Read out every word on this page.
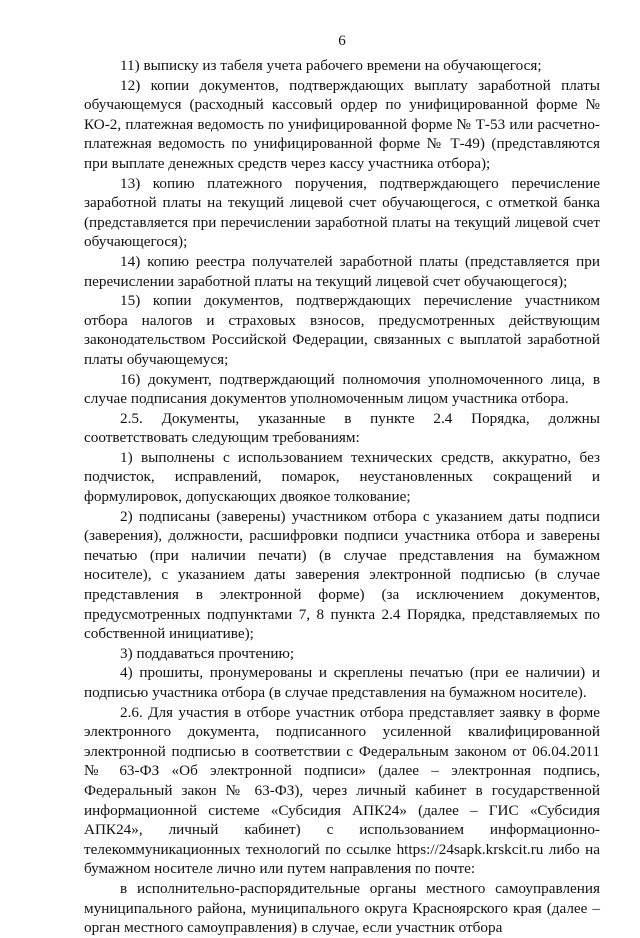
6

11) выписку из табеля учета рабочего времени на обучающегося;

12) копии документов, подтверждающих выплату заработной платы обучающемуся (расходный кассовый ордер по унифицированной форме № КО-2, платежная ведомость по унифицированной форме № Т-53 или расчетно-платежная ведомость по унифицированной форме № Т-49) (представляются при выплате денежных средств через кассу участника отбора);

13) копию платежного поручения, подтверждающего перечисление заработной платы на текущий лицевой счет обучающегося, с отметкой банка (представляется при перечислении заработной платы на текущий лицевой счет обучающегося);

14) копию реестра получателей заработной платы (представляется при перечислении заработной платы на текущий лицевой счет обучающегося);

15) копии документов, подтверждающих перечисление участником отбора налогов и страховых взносов, предусмотренных действующим законодательством Российской Федерации, связанных с выплатой заработной платы обучающемуся;

16) документ, подтверждающий полномочия уполномоченного лица, в случае подписания документов уполномоченным лицом участника отбора.

2.5. Документы, указанные в пункте 2.4 Порядка, должны соответствовать следующим требованиям:

1) выполнены с использованием технических средств, аккуратно, без подчисток, исправлений, помарок, неустановленных сокращений и формулировок, допускающих двоякое толкование;

2) подписаны (заверены) участником отбора с указанием даты подписи (заверения), должности, расшифровки подписи участника отбора и заверены печатью (при наличии печати) (в случае представления на бумажном носителе), с указанием даты заверения электронной подписью (в случае представления в электронной форме) (за исключением документов, предусмотренных подпунктами 7, 8 пункта 2.4 Порядка, представляемых по собственной инициативе);

3) поддаваться прочтению;

4) прошиты, пронумерованы и скреплены печатью (при ее наличии) и подписью участника отбора (в случае представления на бумажном носителе).

2.6. Для участия в отборе участник отбора представляет заявку в форме электронного документа, подписанного усиленной квалифицированной электронной подписью в соответствии с Федеральным законом от 06.04.2011 № 63-ФЗ «Об электронной подписи» (далее – электронная подпись, Федеральный закон № 63-ФЗ), через личный кабинет в государственной информационной системе «Субсидия АПК24» (далее – ГИС «Субсидия АПК24», личный кабинет) с использованием информационно-телекоммуникационных технологий по ссылке https://24sapk.krskcit.ru либо на бумажном носителе лично или путем направления по почте:

в исполнительно-распорядительные органы местного самоуправления муниципального района, муниципального округа Красноярского края (далее – орган местного самоуправления) в случае, если участник отбора
